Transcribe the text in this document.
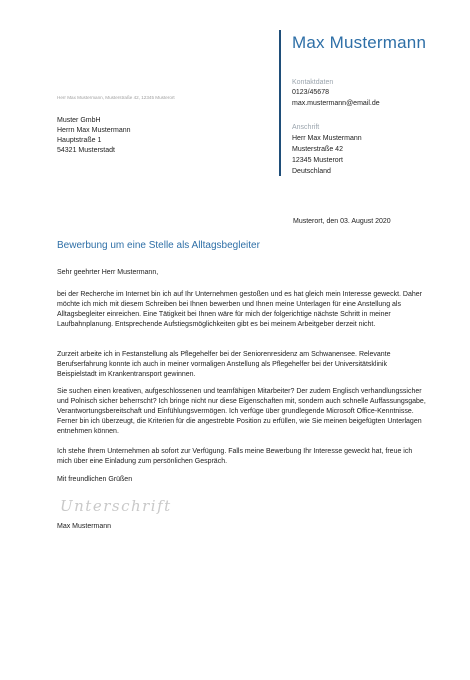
Max Mustermann
Kontaktdaten
0123/45678
max.mustermann@email.de
Anschrift
Herr Max Mustermann
Musterstraße 42
12345 Musterort
Deutschland
Herr Max Mustermann, Musterstraße 42, 12345 Musterort
Muster GmbH
Herrn Max Mustermann
Hauptstraße 1
54321 Musterstadt
Musterort, den 03. August 2020
Bewerbung um eine Stelle als Alltagsbegleiter
Sehr geehrter Herr Mustermann,
bei der Recherche im Internet bin ich auf Ihr Unternehmen gestoßen und es hat gleich mein Interesse geweckt. Daher möchte ich mich mit diesem Schreiben bei Ihnen bewerben und Ihnen meine Unterlagen für eine Anstellung als Alltagsbegleiter einreichen. Eine Tätigkeit bei Ihnen wäre für mich der folgerichtige nächste Schritt in meiner Laufbahnplanung. Entsprechende Aufstiegsmöglichkeiten gibt es bei meinem Arbeitgeber derzeit nicht.
Zurzeit arbeite ich in Festanstellung als Pflegehelfer bei der Seniorenresidenz am Schwanensee. Relevante Berufserfahrung konnte ich auch in meiner vormaligen Anstellung als Pflegehelfer bei der Universitätsklinik Beispielstadt im Krankentransport gewinnen.
Sie suchen einen kreativen, aufgeschlossenen und teamfähigen Mitarbeiter? Der zudem Englisch verhandlungssicher und Polnisch sicher beherrscht? Ich bringe nicht nur diese Eigenschaften mit, sondern auch schnelle Auffassungsgabe, Verantwortungsbereitschaft und Einfühlungsvermögen. Ich verfüge über grundlegende Microsoft Office-Kenntnisse. Ferner bin ich überzeugt, die Kriterien für die angestrebte Position zu erfüllen, wie Sie meinen beigefügten Unterlagen entnehmen können.
Ich stehe Ihrem Unternehmen ab sofort zur Verfügung. Falls meine Bewerbung Ihr Interesse geweckt hat, freue ich mich über eine Einladung zum persönlichen Gespräch.
Mit freundlichen Grüßen
Unterschrift
Max Mustermann
